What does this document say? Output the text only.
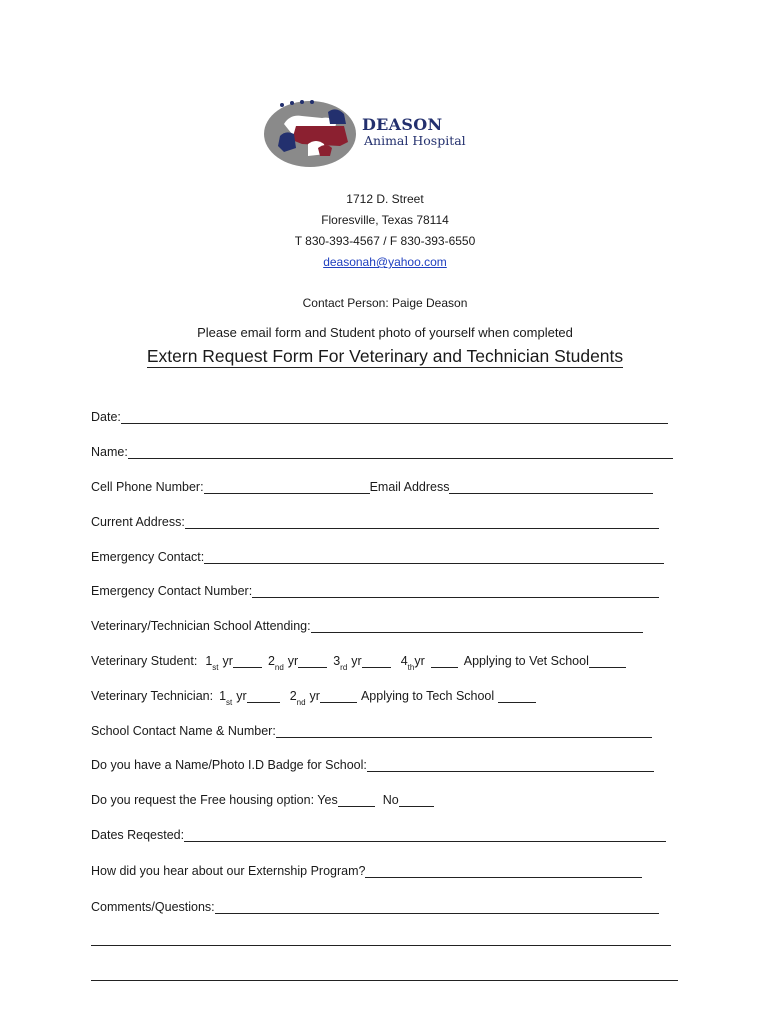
DEASON
Animal Hospital
1712 D. Street
Floresville, Texas 78114
T 830-393-4567 / F 830-393-6550
deasonah@yahoo.com
Contact Person: Paige Deason
Please email form and Student photo of yourself when completed
Extern Request Form For Veterinary and Technician Students
Date:
Name:
Cell Phone Number:	Email Address
Current Address:
Emergency Contact:
Emergency Contact Number:
Veterinary/Technician School Attending:
Veterinary Student: 1 st yr	2 nd yr	3 rd yr	4 th yr	Applying to Vet School
Veterinary Technician: 1 st yr	2 nd yr	Applying to Tech School
School Contact Name & Number:
Do you have a Name/Photo I.D Badge for School:
Do you request the Free housing option: Yes	No
Dates Reqested:
How did you hear about our Externship Program?
Comments/Questions:
